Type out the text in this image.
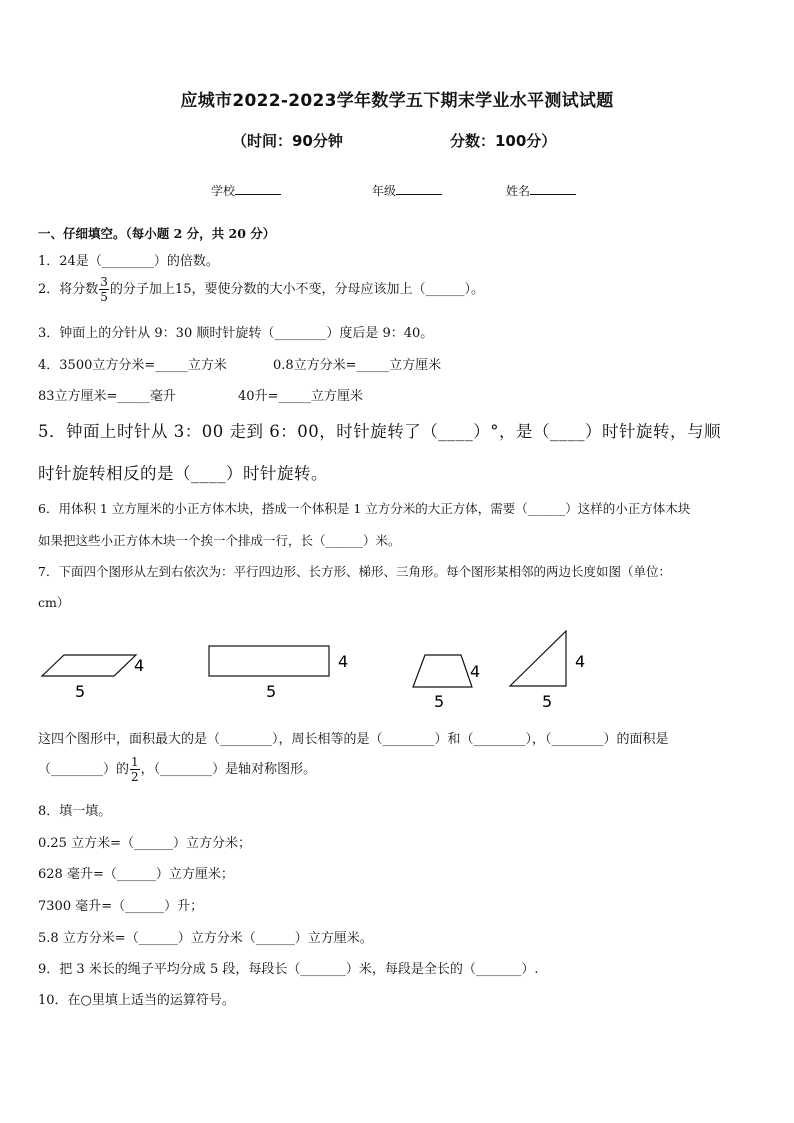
应城市2022-2023学年数学五下期末学业水平测试试题
（时间：90分钟	分数：100分）
学校	年级	姓名
一、仔细填空。（每小题 2 分，共 20 分）
1．24是（________）的倍数。
2．将分数 $\frac{3}{5}$ 的分子加上15，要使分数的大小不变，分母应该加上（______）。
3．钟面上的分针从 9：30 顺时针旋转（________）度后是 9：40。
4．3500立方分米=_____立方米	0.8立方分米=_____立方厘米
83立方厘米=_____毫升	40升=_____立方厘米
5．钟面上时针从 3：00 走到 6：00，时针旋转了（____）°，是（____）时针旋转，与顺
时针旋转相反的是（____）时针旋转。
6．用体积 1 立方厘米的小正方体木块，搭成一个体积是 1 立方分米的大正方体，需要（______）这样的小正方体木块
如果把这些小正方体木块一个挨一个排成一行，长（______）米。
7．下面四个图形从左到右依次为：平行四边形、长方形、梯形、三角形。每个图形某相邻的两边长度如图（单位：
cm）
4
5
4
5
4
5
4
5
这四个图形中，面积最大的是（________），周长相等的是（________）和（________），（________）的面积是
（________）的 $\frac{1}{2}$ ，（________）是轴对称图形。
8．填一填。
0.25 立方米=（______）立方分米；
628 毫升=（______）立方厘米；
7300 毫升=（______）升；
5.8 立方分米=（______）立方分米（______）立方厘米。
9．把 3 米长的绳子平均分成 5 段，每段长（_______）米，每段是全长的（_______）.
10．在○里填上适当的运算符号。
